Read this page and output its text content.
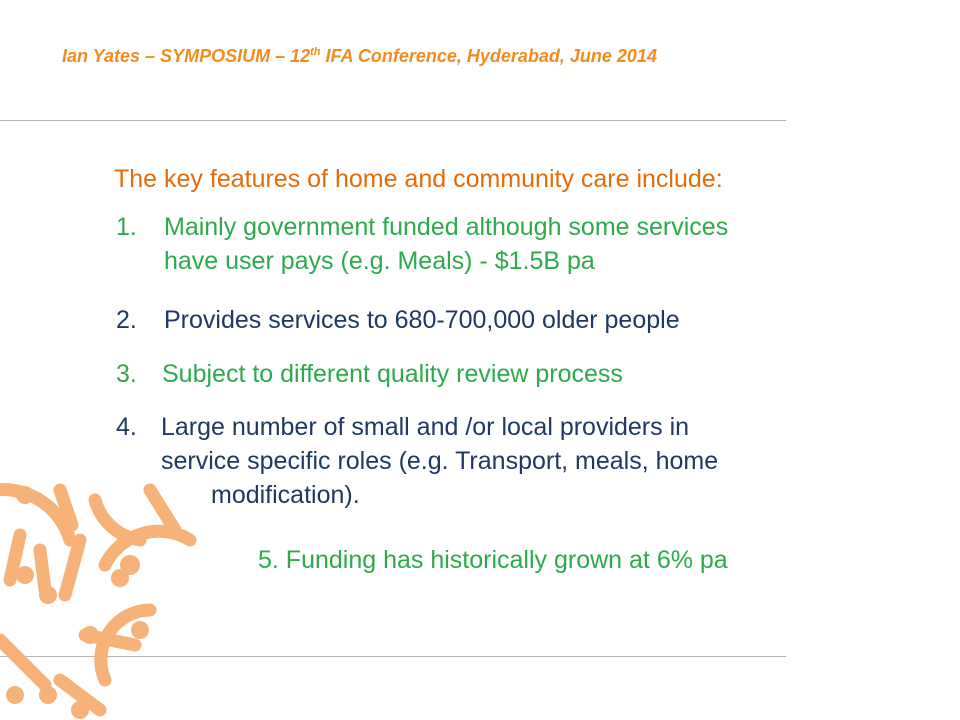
Ian Yates – SYMPOSIUM – 12th IFA Conference, Hyderabad, June 2014
The key features of home and community care include:
1.	Mainly government funded although some services
have user pays (e.g. Meals) - $1.5B pa
2.	Provides services to 680-700,000 older people
3.	Subject to different quality review process
4. Large number of small and /or local providers in
service specific roles (e.g. Transport, meals, home
modification).
5. Funding has historically grown at 6% pa
